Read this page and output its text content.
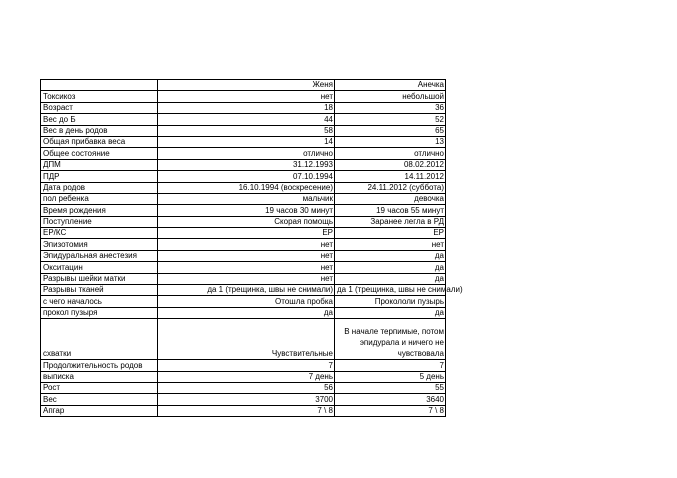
	Женя	Анечка
Токсикоз	нет	небольшой
Возраст	18	36
Вес до Б	44	52
Вес в день родов	58	65
Общая прибавка веса	14	13
Общее состояние	отлично	отлично
ДПМ	31.12.1993	08.02.2012
ПДР	07.10.1994	14.11.2012
Дата родов	16.10.1994 (воскресение)	24.11.2012 (суббота)
пол ребенка	мальчик	девочка
Время рождения	19 часов 30 минут	19 часов 55 минут
Поступление	Скорая помощь	Заранее легла в РД
ЕР/КС	ЕР	ЕР
Эпизотомия	нет	нет
Эпидуральная анестезия	нет	да
Окситацин	нет	да
Разрывы шейки матки	нет	да
Разрывы тканей	да 1 (трещинка, швы не снимали)	да 1 (трещинка, швы не снимали)
с чего началось	Отошла пробка	Прокололи пузырь
прокол пузыря	да	да
схватки	Чувствительные	В начале терпимые, потом эпидурала и ничего не чувствовала
Продолжительность родов	7	7
выписка	7 день	5 день
Рост	56	55
Вес	3700	3640
Апгар	7 \ 8	7 \ 8
